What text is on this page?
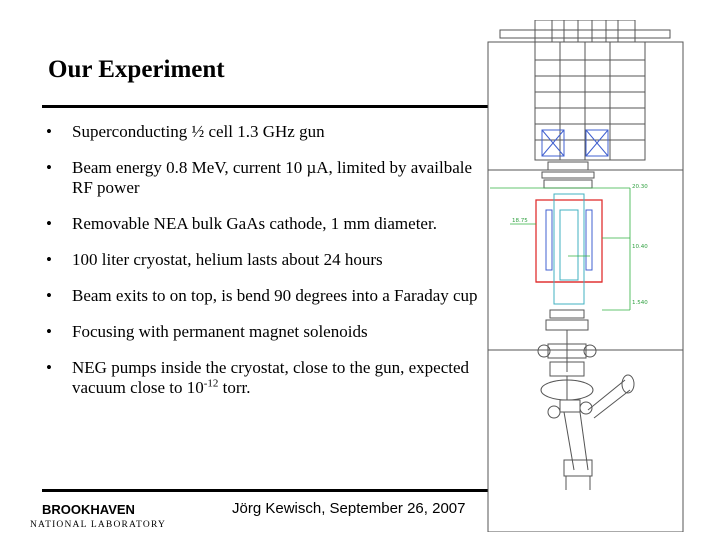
Our Experiment
• Superconducting ½ cell 1.3 GHz gun
• Beam energy 0.8 MeV, current 10 µA, limited by availbale RF power
• Removable NEA bulk GaAs cathode, 1 mm diameter.
• 100 liter cryostat, helium lasts about 24 hours
• Beam exits to on top, is bend 90 degrees into a Faraday cup
• Focusing with permanent magnet solenoids
• NEG pumps inside the cryostat, close to the gun, expected vacuum close to $10^{-12}$ torr.
BROOKHAVEN
NATIONAL LABORATORY
Jörg Kewisch, September 26, 2007
20.30
18.75
10.40
1.540
